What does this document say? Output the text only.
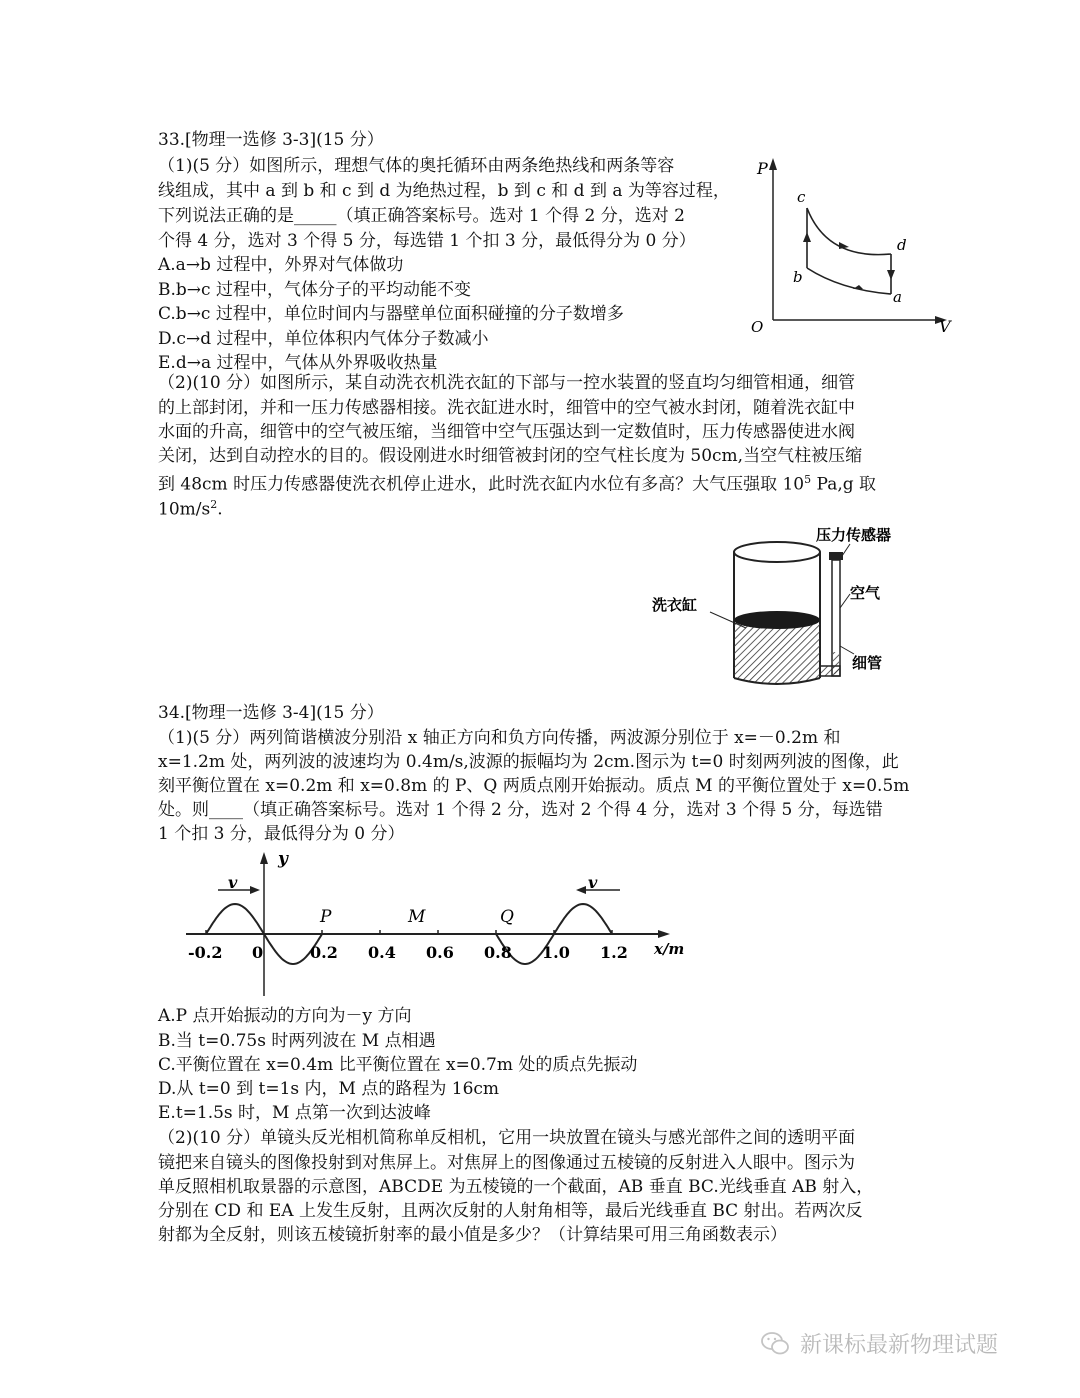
33.[物理一选修 3-3](15 分）
（1)(5 分）如图所示，理想气体的奥托循环由两条绝热线和两条等容
线组成，其中 a 到 b 和 c 到 d 为绝热过程，b 到 c 和 d 到 a 为等容过程，
下列说法正确的是_____（填正确答案标号。选对 1 个得 2 分，选对 2
个得 4 分，选对 3 个得 5 分，每选错 1 个扣 3 分，最低得分为 0 分）
A.a→b 过程中，外界对气体做功
B.b→c 过程中，气体分子的平均动能不变
C.b→c 过程中，单位时间内与器壁单位面积碰撞的分子数增多
D.c→d 过程中，单位体积内气体分子数减小
E.d→a 过程中，气体从外界吸收热量
P
V
O
c
b
d
a
（2)(10 分）如图所示，某自动洗衣机洗衣缸的下部与一控水装置的竖直均匀细管相通，细管
的上部封闭，并和一压力传感器相接。洗衣缸进水时，细管中的空气被水封闭，随着洗衣缸中
水面的升高，细管中的空气被压缩，当细管中空气压强达到一定数值时，压力传感器使进水阀
关闭，达到自动控水的目的。假设刚进水时细管被封闭的空气柱长度为 50cm,当空气柱被压缩
到 48cm 时压力传感器使洗衣机停止进水，此时洗衣缸内水位有多高？大气压强取 $10^5$ Pa,g 取
$10m/s^2$.
压力传感器
空气
洗衣缸
细管
34.[物理一选修 3-4](15 分）
（1)(5 分）两列简谐横波分别沿 x 轴正方向和负方向传播，两波源分别位于 x=－0.2m 和
x=1.2m 处，两列波的波速均为 0.4m/s,波源的振幅均为 2cm.图示为 t=0 时刻两列波的图像，此
刻平衡位置在 x=0.2m 和 x=0.8m 的 P、Q 两质点刚开始振动。质点 M 的平衡位置处于 x=0.5m
处。则____（填正确答案标号。选对 1 个得 2 分，选对 2 个得 4 分，选对 3 个得 5 分，每选错
1 个扣 3 分，最低得分为 0 分）
y
v	v
P	M	Q
-0.2	0.2 0.4 0.6 0.8 1.0 1.2
0	x/m
A.P 点开始振动的方向为－y 方向
B.当 t=0.75s 时两列波在 M 点相遇
C.平衡位置在 x=0.4m 比平衡位置在 x=0.7m 处的质点先振动
D.从 t=0 到 t=1s 内，M 点的路程为 16cm
E.t=1.5s 时，M 点第一次到达波峰
（2)(10 分）单镜头反光相机简称单反相机，它用一块放置在镜头与感光部件之间的透明平面
镜把来自镜头的图像投射到对焦屏上。对焦屏上的图像通过五棱镜的反射进入人眼中。图示为
单反照相机取景器的示意图，ABCDE 为五棱镜的一个截面，AB 垂直 BC.光线垂直 AB 射入，
分别在 CD 和 EA 上发生反射，且两次反射的人射角相等，最后光线垂直 BC 射出。若两次反
射都为全反射，则该五棱镜折射率的最小值是多少？（计算结果可用三角函数表示）
新课标最新物理试题
